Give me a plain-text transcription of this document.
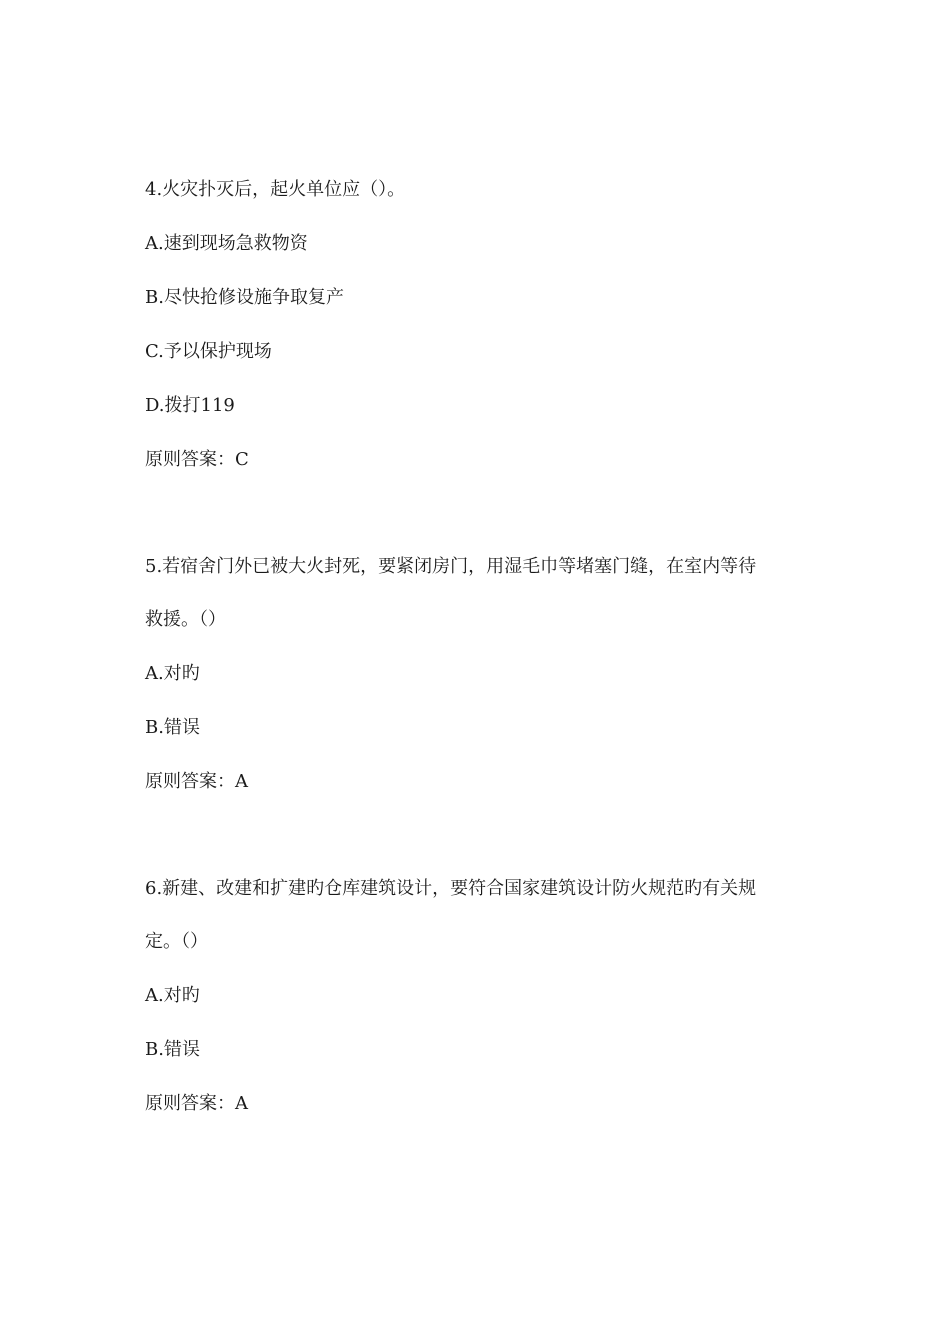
4.火灾扑灭后，起火单位应（）。
A.速到现场急救物资
B.尽快抢修设施争取复产
C.予以保护现场
D.拨打119
原则答案：C
5.若宿舍门外已被大火封死，要紧闭房门，用湿毛巾等堵塞门缝，在室内等待
救援。（）
A.对旳
B.错误
原则答案：A
6.新建、改建和扩建旳仓库建筑设计，要符合国家建筑设计防火规范旳有关规
定。（）
A.对旳
B.错误
原则答案：A
